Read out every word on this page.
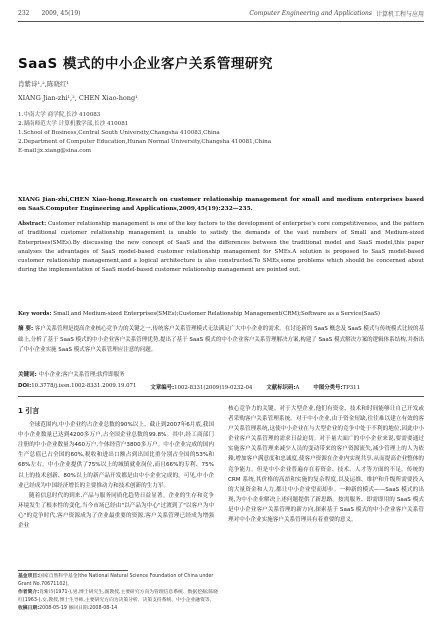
232 2009, 45(19)	Computer Engineering and Applications 计算机工程与应用
SaaS 模式的中小企业客户关系管理研究
肖紫诗¹,²,陈晓红¹
XIANG Jian-zhi¹,², CHEN Xiao-hong¹
1.中南大学 商学院,长沙 410083
2.湖南师范大学 计算机教学部,长沙 410081
1.School of Business,Central South University,Changsha 410083,China
2.Department of Computer Education,Hunan Normal University,Changsha 410081,China
E-mail:jx.xiang@sina.com
XIANG Jian-zhi,CHEN Xiao-hong.Research on customer relationship management for small and medium enterprises based on SaaS.Computer Engineering and Applications,2009,45(19):232—235.
Abstract: Customer relationship management is one of the key factors to the development of enterprise's core competitiveness, and the pattern of traditional customer relationship management is unable to satisfy the demands of the vast numbers of Small and Medium-sized Enterprises(SMEs).By discussing the new concept of SaaS and the differences between the traditional model and SaaS model,this paper analyses the advantages of SaaS model-based customer relationship management for SMEs.A solution is proposed to SaaS model-based customer relationship management,and a logical architecture is also constructed.To SMEs,some problems which should be concerned about during the implementation of SaaS model-based customer relationship management are pointed out.
Key words: Small and Medium-sized Enterprises(SMEs);Customer Relationship Management(CRM);Software as a Service(SaaS)
摘 要: 客户关系管理是提高企业核心竞争力的关键之一,传统客户关系管理模式无法满足广大中小企业的需求。在讨论新的 SaaS 概念及 SaaS 模式与传统模式比较的基础上,分析了基于 SaaS 模式的中小企业客户关系管理优势,提出了基于 SaaS 模式的中小企业客户关系管理解决方案,构建了 SaaS 模式解决方案的逻辑体系结构,并指出了中小企业实施 SaaS 模式客户关系管理应注意的问题。
关键词: 中小企业;客户关系管理;软件即服务
DOI:10.3778/j.issn.1002-8331.2009.19.071	文章编号:1002-8331(2009)19-0232-04	文献标识码:A	中图分类号:TP311
1 引言

全球范围内,中小企业约占企业总数的90%以上。截止到2007年6月底,我国中小企业数量已达到4200多万户,占全国企业总数的99.8%。其中,经工商部门注册的中小企业数量为460万户,个体经营户3800多万户。中小企业完成的国内生产总值已占全国的60%,税收和进出口额占到出国比重分别占全国的53%和68%左右。中小企业提供了75%以上的城镇就业岗位,而且66%的专利、75%以上的技术创新、80%以上的新产品开发都是由中小企业完成的。可见,中小企业已经成为中国经济增长的主要推动力和技术创新的生力军。

随着信息时代的到来,产品与服务同质化趋势日益显著。企业的生存和竞争环境发生了根本性的变化,当今市场已经由"以产品为中心"过渡到了"以客户为中心"的竞争时代,客户资源成为了企业最重要的资源,客户关系管理已经成为增强企业

核心竞争力的关键。对于大型企业,他们有资金、技术和时间能够让自己开发或者采购客户关系管理系统。对于中小企业,由于资金短缺,往往难以建立有效的客户关系管理系统,这使中小企业在与大型企业的竞争中处于不利的地位,因此中小企业客户关系管理的需求日益迫切。对于量大面广的中小企业来说,要需要通过实施客户关系管理来减少人员的变动带来的客户资源流失,减少管理上的人为依赖,增加客户满意度和忠诚度,使客户资源在企业内实现共享,从而提高企业整体的竞争能力。但是中小企业普遍存在着资金、技术、人才等方面的不足。传统的 CRM 系统,其价格的高昂和实施的复杂程度,以及运维、维护和升级所需要投入的大量资金和人力,都让中小企业望而却步。一种新的模式——SaaS 模式的出现,为中小企业解决上述问题提供了新思路。按需服务、即需即用的 SaaS 模式是中小企业客户关系管理的新方向,探索基于 SaaS 模式的中小企业客户关系管理对中小企业实施客户关系管理具有着重要的意义。

基金项目:国家自然科学基金(the National Natural Science Foundation of China under Grant No.70671102)。
作者简介:肖紫诗(1971-),男,博士研究生,副教授,主要研究方向为管理信息系统、数据挖掘;陈晓红(1963-),女,教授,博士生导师,主要研究方向为决策分析、决策支持系统、中小企业融资等。
收稿日期:2008-05-19 修回日期:2008-08-14
